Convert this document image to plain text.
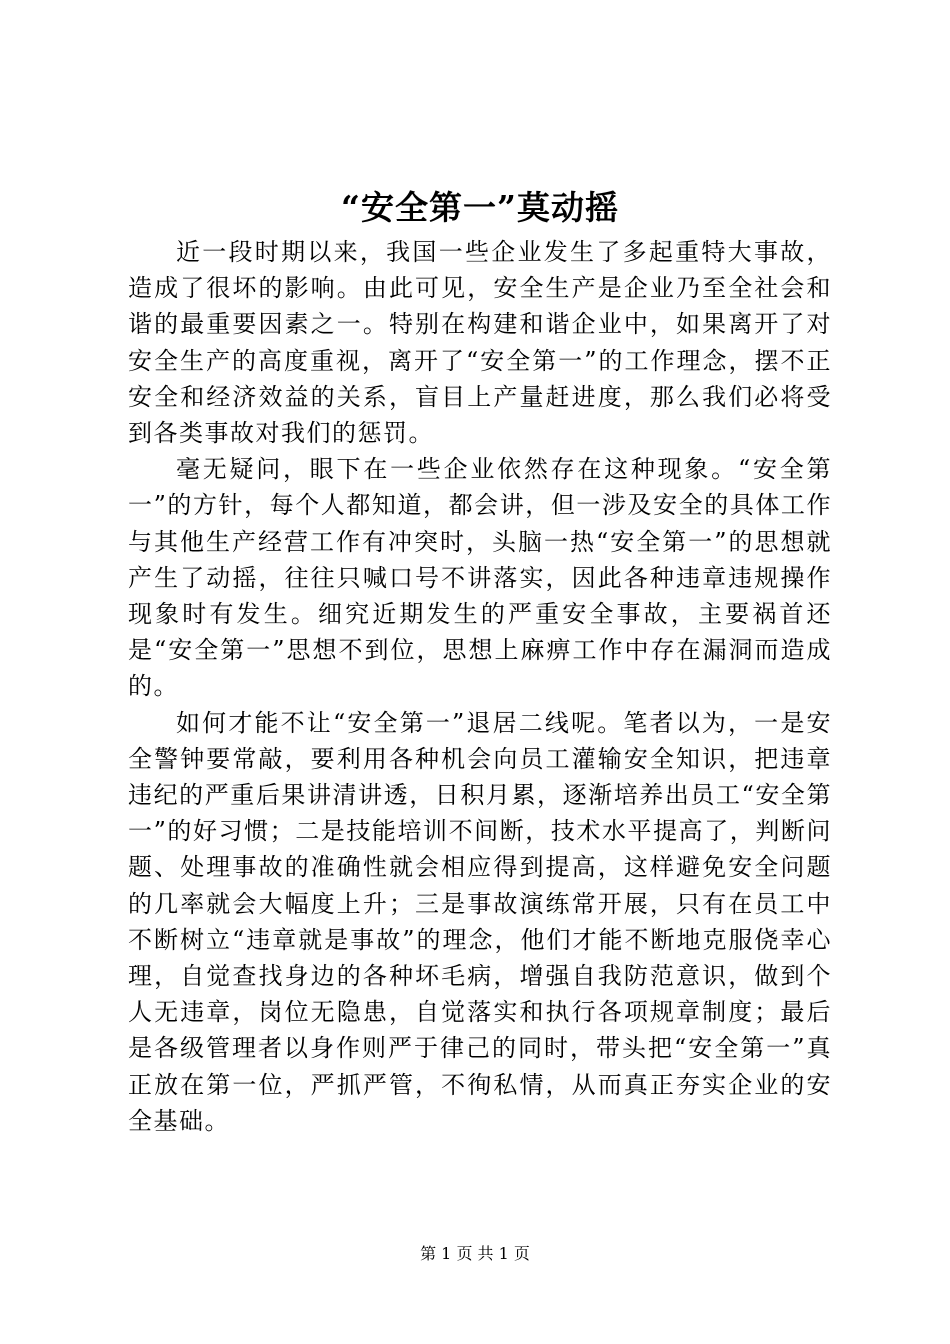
“安全第一”莫动摇

近一段时期以来，我国一些企业发生了多起重特大事故，造成了很坏的影响。由此可见，安全生产是企业乃至全社会和谐的最重要因素之一。特别在构建和谐企业中，如果离开了对安全生产的高度重视，离开了“安全第一”的工作理念，摆不正安全和经济效益的关系，盲目上产量赶进度，那么我们必将受到各类事故对我们的惩罚。

毫无疑问，眼下在一些企业依然存在这种现象。“安全第一”的方针，每个人都知道，都会讲，但一涉及安全的具体工作与其他生产经营工作有冲突时，头脑一热“安全第一”的思想就产生了动摇，往往只喊口号不讲落实，因此各种违章违规操作现象时有发生。细究近期发生的严重安全事故，主要祸首还是“安全第一”思想不到位，思想上麻痹工作中存在漏洞而造成的。

如何才能不让“安全第一”退居二线呢。笔者以为，一是安全警钟要常敲，要利用各种机会向员工灌输安全知识，把违章违纪的严重后果讲清讲透，日积月累，逐渐培养出员工“安全第一”的好习惯；二是技能培训不间断，技术水平提高了，判断问题、处理事故的准确性就会相应得到提高，这样避免安全问题的几率就会大幅度上升；三是事故演练常开展，只有在员工中不断树立“违章就是事故”的理念，他们才能不断地克服侥幸心理，自觉查找身边的各种坏毛病，增强自我防范意识，做到个人无违章，岗位无隐患，自觉落实和执行各项规章制度；最后是各级管理者以身作则严于律己的同时，带头把“安全第一”真正放在第一位，严抓严管，不徇私情，从而真正夯实企业的安全基础。

第 1 页 共 1 页
